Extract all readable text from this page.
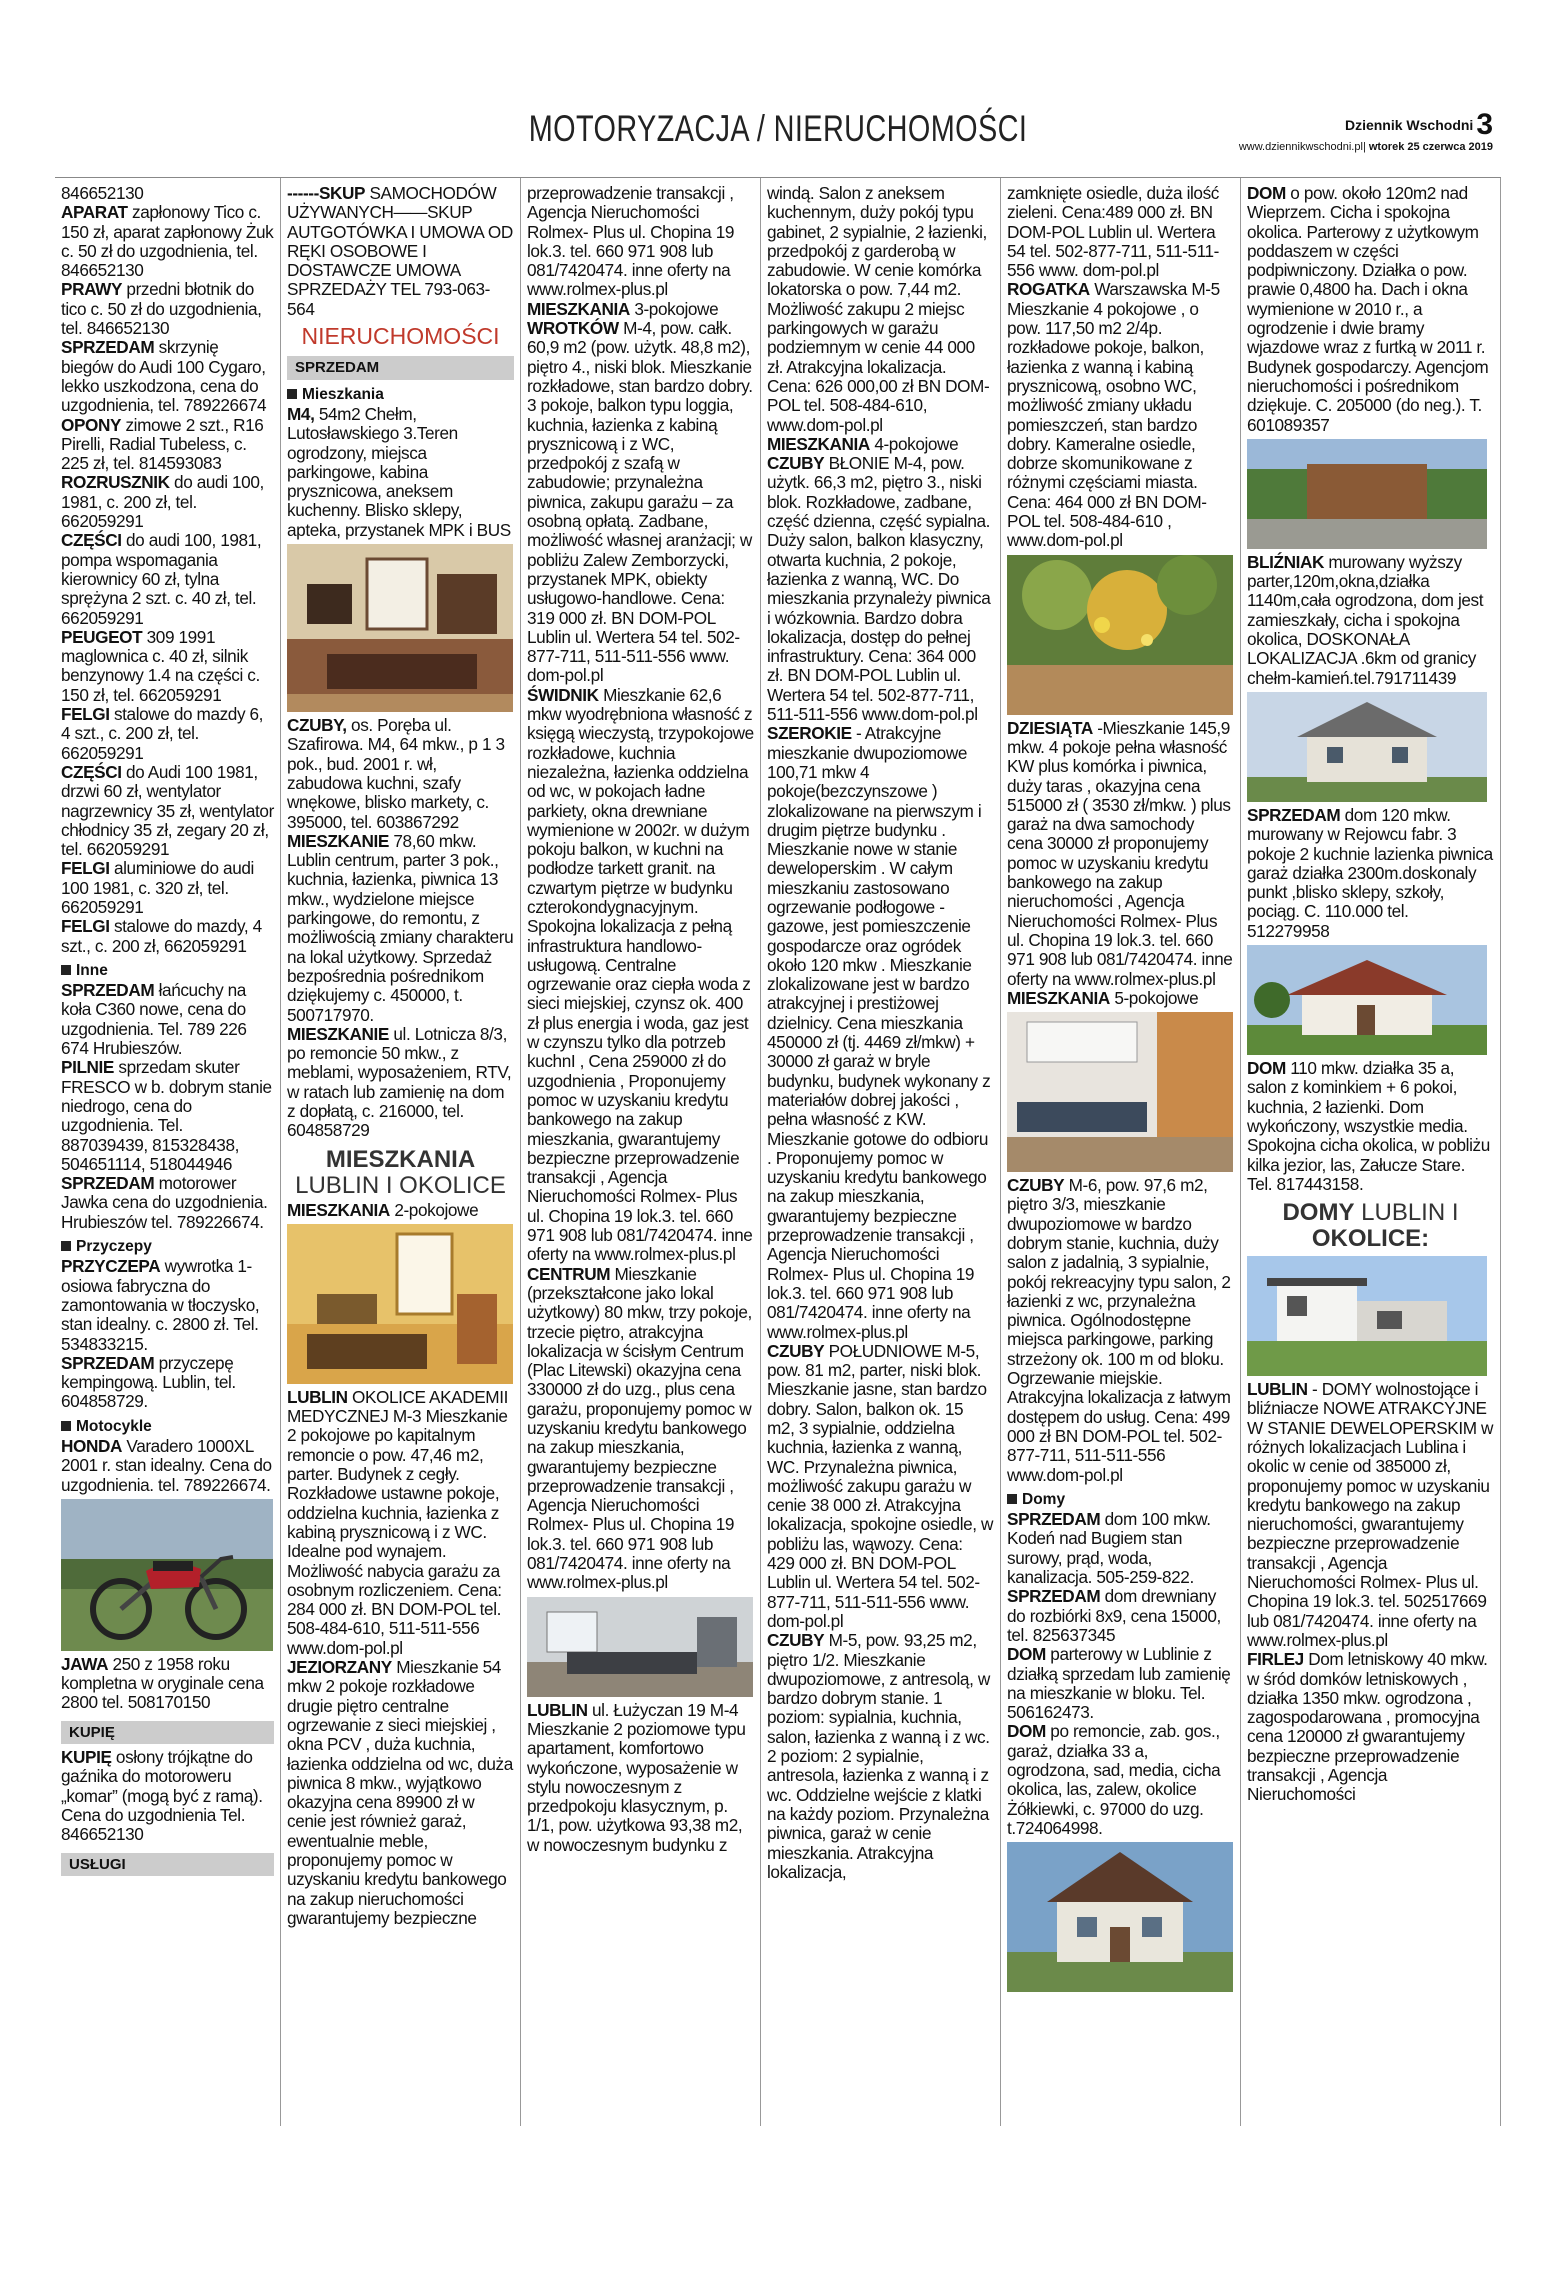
MOTORYZACJA / NIERUCHOMOŚCI	Dziennik Wschodni 3
www.dziennikwschodni.pl| wtorek 25 czerwca 2019

846652130

APARAT zapłonowy Tico c. 150 zł, aparat zapłonowy Żuk c. 50 zł do uzgodnienia, tel. 846652130

PRAWY przedni błotnik do tico c. 50 zł do uzgodnienia, tel. 846652130

SPRZEDAM skrzynię biegów do Audi 100 Cygaro, lekko uszkodzona, cena do uzgodnienia, tel. 789226674

OPONY zimowe 2 szt., R16 Pirelli, Radial Tubeless, c. 225 zł, tel. 814593083

ROZRUSZNIK do audi 100, 1981, c. 200 zł, tel. 662059291

CZĘŚCI do audi 100, 1981, pompa wspomagania kierownicy 60 zł, tylna sprężyna 2 szt. c. 40 zł, tel. 662059291

PEUGEOT 309 1991 maglownica c. 40 zł, silnik benzynowy 1.4 na części c. 150 zł, tel. 662059291

FELGI stalowe do mazdy 6, 4 szt., c. 200 zł, tel. 662059291

CZĘŚCI do Audi 100 1981, drzwi 60 zł, wentylator nagrzewnicy 35 zł, wentylator chłodnicy 35 zł, zegary 20 zł, tel. 662059291

FELGI aluminiowe do audi 100 1981, c. 320 zł, tel. 662059291

FELGI stalowe do mazdy, 4 szt., c. 200 zł, 662059291

Inne

SPRZEDAM łańcuchy na koła C360 nowe, cena do uzgodnienia. Tel. 789 226 674 Hrubieszów.

PILNIE sprzedam skuter FRESCO w b. dobrym stanie niedrogo, cena do uzgodnienia. Tel. 887039439, 815328438, 504651114, 518044946

SPRZEDAM motorower Jawka cena do uzgodnienia. Hrubieszów tel. 789226674.

Przyczepy

PRZYCZEPA wywrotka 1-osiowa fabryczna do zamontowania w tłoczysko, stan idealny. c. 2800 zł. Tel. 534833215.

SPRZEDAM przyczepę kempingową. Lublin, tel. 604858729.

Motocykle

HONDA Varadero 1000XL 2001 r. stan idealny. Cena do uzgodnienia. tel. 789226674.

JAWA 250 z 1958 roku kompletna w oryginale cena 2800 tel. 508170150

KUPIĘ

KUPIĘ osłony trójkątne do gaźnika do motoroweru „komar” (mogą być z ramą). Cena do uzgodnienia Tel. 846652130

USŁUGI

------SKUP SAMOCHODÓW UŻYWANYCH——SKUP AUTGOTÓWKA I UMOWA OD RĘKI OSOBOWE I DOSTAWCZE UMOWA SPRZEDAŻY TEL 793-063-564

NIERUCHOMOŚCI
SPRZEDAM
Mieszkania

M4, 54m2 Chełm, Lutosławskiego 3.Teren ogrodzony, miejsca parkingowe, kabina prysznicowa, aneksem kuchenny. Blisko sklepy, apteka, przystanek MPK i BUS

CZUBY, os. Poręba ul. Szafirowa. M4, 64 mkw., p 1 3 pok., bud. 2001 r. wł, zabudowa kuchni, szafy wnękowe, blisko markety, c. 395000, tel. 603867292

MIESZKANIE 78,60 mkw. Lublin centrum, parter 3 pok., kuchnia, łazienka, piwnica 13 mkw., wydzielone miejsce parkingowe, do remontu, z możliwością zmiany charakteru na lokal użytkowy. Sprzedaż bezpośrednia pośrednikom dziękujemy c. 450000, t. 500717970.

MIESZKANIE ul. Lotnicza 8/3, po remoncie 50 mkw., z meblami, wyposażeniem, RTV, w ratach lub zamienię na dom z dopłatą, c. 216000, tel. 604858729

MIESZKANIA
LUBLIN I OKOLICE

MIESZKANIA 2-pokojowe

LUBLIN OKOLICE AKADEMII MEDYCZNEJ M-3 Mieszkanie 2 pokojowe po kapitalnym remoncie o pow. 47,46 m2, parter. Budynek z cegły. Rozkładowe ustawne pokoje, oddzielna kuchnia, łazienka z kabiną prysznicową i z WC. Idealne pod wynajem. Możliwość nabycia garażu za osobnym rozliczeniem. Cena: 284 000 zł. BN DOM-POL tel. 508-484-610, 511-511-556 www.dom-pol.pl

JEZIORZANY Mieszkanie 54 mkw 2 pokoje rozkładowe drugie piętro centralne ogrzewanie z sieci miejskiej , okna PCV , duża kuchnia, łazienka oddzielna od wc, duża piwnica 8 mkw., wyjątkowo okazyjna cena 89900 zł w cenie jest również garaż, ewentualnie meble, proponujemy pomoc w uzyskaniu kredytu bankowego na zakup nieruchomości gwarantujemy bezpieczne

przeprowadzenie transakcji , Agencja Nieruchomości Rolmex- Plus ul. Chopina 19 lok.3. tel. 660 971 908 lub 081/7420474. inne oferty na www.rolmex-plus.pl

MIESZKANIA 3-pokojowe

WROTKÓW M-4, pow. całk. 60,9 m2 (pow. użytk. 48,8 m2), piętro 4., niski blok. Mieszkanie rozkładowe, stan bardzo dobry. 3 pokoje, balkon typu loggia, kuchnia, łazienka z kabiną prysznicową i z WC, przedpokój z szafą w zabudowie; przynależna piwnica, zakupu garażu – za osobną opłatą. Zadbane, możliwość własnej aranżacji; w pobliżu Zalew Zemborzycki, przystanek MPK, obiekty usługowo-handlowe. Cena: 319 000 zł. BN DOM-POL Lublin ul. Wertera 54 tel. 502-877-711, 511-511-556 www. dom-pol.pl

ŚWIDNIK Mieszkanie 62,6 mkw wyodrębniona własność z księgą wieczystą, trzypokojowe rozkładowe, kuchnia niezależna, łazienka oddzielna od wc, w pokojach ładne parkiety, okna drewniane wymienione w 2002r. w dużym pokoju balkon, w kuchni na podłodze tarkett granit. na czwartym piętrze w budynku czterokondygnacyjnym. Spokojna lokalizacja z pełną infrastruktura handlowo-usługową. Centralne ogrzewanie oraz ciepła woda z sieci miejskiej, czynsz ok. 400 zł plus energia i woda, gaz jest w czynszu tylko dla potrzeb kuchnI , Cena 259000 zł do uzgodnienia , Proponujemy pomoc w uzyskaniu kredytu bankowego na zakup mieszkania, gwarantujemy bezpieczne przeprowadzenie transakcji , Agencja Nieruchomości Rolmex- Plus ul. Chopina 19 lok.3. tel. 660 971 908 lub 081/7420474. inne oferty na www.rolmex-plus.pl

CENTRUM Mieszkanie (przekształcone jako lokal użytkowy) 80 mkw, trzy pokoje, trzecie piętro, atrakcyjna lokalizacja w ścisłym Centrum (Plac Litewski) okazyjna cena 330000 zł do uzg., plus cena garażu, proponujemy pomoc w uzyskaniu kredytu bankowego na zakup mieszkania, gwarantujemy bezpieczne przeprowadzenie transakcji , Agencja Nieruchomości Rolmex- Plus ul. Chopina 19 lok.3. tel. 660 971 908 lub 081/7420474. inne oferty na www.rolmex-plus.pl

LUBLIN ul. Łużyczan 19 M-4 Mieszkanie 2 poziomowe typu apartament, komfortowo wykończone, wyposażenie w stylu nowoczesnym z przedpokoju klasycznym, p. 1/1, pow. użytkowa 93,38 m2, w nowoczesnym budynku z

windą. Salon z aneksem kuchennym, duży pokój typu gabinet, 2 sypialnie, 2 łazienki, przedpokój z garderobą w zabudowie. W cenie komórka lokatorska o pow. 7,44 m2. Możliwość zakupu 2 miejsc parkingowych w garażu podziemnym w cenie 44 000 zł. Atrakcyjna lokalizacja. Cena: 626 000,00 zł BN DOM-POL tel. 508-484-610, www.dom-pol.pl

MIESZKANIA 4-pokojowe

CZUBY BŁONIE M-4, pow. użytk. 66,3 m2, piętro 3., niski blok. Rozkładowe, zadbane, część dzienna, część sypialna. Duży salon, balkon klasyczny, otwarta kuchnia, 2 pokoje, łazienka z wanną, WC. Do mieszkania przynależy piwnica i wózkownia. Bardzo dobra lokalizacja, dostęp do pełnej infrastruktury. Cena: 364 000 zł. BN DOM-POL Lublin ul. Wertera 54 tel. 502-877-711, 511-511-556 www.dom-pol.pl

SZEROKIE - Atrakcyjne mieszkanie dwupoziomowe 100,71 mkw 4 pokoje(bezczynszowe ) zlokalizowane na pierwszym i drugim piętrze budynku . Mieszkanie nowe w stanie deweloperskim . W całym mieszkaniu zastosowano ogrzewanie podłogowe - gazowe, jest pomieszczenie gospodarcze oraz ogródek około 120 mkw . Mieszkanie zlokalizowane jest w bardzo atrakcyjnej i prestiżowej dzielnicy. Cena mieszkania 450000 zł (tj. 4469 zł/mkw) + 30000 zł garaż w bryle budynku, budynek wykonany z materiałów dobrej jakości , pełna własność z KW. Mieszkanie gotowe do odbioru . Proponujemy pomoc w uzyskaniu kredytu bankowego na zakup mieszkania, gwarantujemy bezpieczne przeprowadzenie transakcji , Agencja Nieruchomości Rolmex- Plus ul. Chopina 19 lok.3. tel. 660 971 908 lub 081/7420474. inne oferty na www.rolmex-plus.pl

CZUBY POŁUDNIOWE M-5, pow. 81 m2, parter, niski blok. Mieszkanie jasne, stan bardzo dobry. Salon, balkon ok. 15 m2, 3 sypialnie, oddzielna kuchnia, łazienka z wanną, WC. Przynależna piwnica, możliwość zakupu garażu w cenie 38 000 zł. Atrakcyjna lokalizacja, spokojne osiedle, w pobliżu las, wąwozy. Cena: 429 000 zł. BN DOM-POL Lublin ul. Wertera 54 tel. 502-877-711, 511-511-556 www. dom-pol.pl

CZUBY M-5, pow. 93,25 m2, piętro 1/2. Mieszkanie dwupoziomowe, z antresolą, w bardzo dobrym stanie. 1 poziom: sypialnia, kuchnia, salon, łazienka z wanną i z wc. 2 poziom: 2 sypialnie, antresola, łazienka z wanną i z wc. Oddzielne wejście z klatki na każdy poziom. Przynależna piwnica, garaż w cenie mieszkania. Atrakcyjna lokalizacja,

zamknięte osiedle, duża ilość zieleni. Cena:489 000 zł. BN DOM-POL Lublin ul. Wertera 54 tel. 502-877-711, 511-511-556 www. dom-pol.pl

ROGATKA Warszawska M-5 Mieszkanie 4 pokojowe , o pow. 117,50 m2 2/4p. rozkładowe pokoje, balkon, łazienka z wanną i kabiną prysznicową, osobno WC, możliwość zmiany układu pomieszczeń, stan bardzo dobry. Kameralne osiedle, dobrze skomunikowane z różnymi częściami miasta. Cena: 464 000 zł BN DOM-POL tel. 508-484-610 , www.dom-pol.pl

DZIESIĄTA -Mieszkanie 145,9 mkw. 4 pokoje pełna własność KW plus komórka i piwnica, duży taras , okazyjna cena 515000 zł ( 3530 zł/mkw. ) plus garaż na dwa samochody cena 30000 zł proponujemy pomoc w uzyskaniu kredytu bankowego na zakup nieruchomości , Agencja Nieruchomości Rolmex- Plus ul. Chopina 19 lok.3. tel. 660 971 908 lub 081/7420474. inne oferty na www.rolmex-plus.pl

MIESZKANIA 5-pokojowe

CZUBY M-6, pow. 97,6 m2, piętro 3/3, mieszkanie dwupoziomowe w bardzo dobrym stanie, kuchnia, duży salon z jadalnią, 3 sypialnie, pokój rekreacyjny typu salon, 2 łazienki z wc, przynależna piwnica. Ogólnodostępne miejsca parkingowe, parking strzeżony ok. 100 m od bloku. Ogrzewanie miejskie. Atrakcyjna lokalizacja z łatwym dostępem do usług. Cena: 499 000 zł BN DOM-POL tel. 502-877-711, 511-511-556 www.dom-pol.pl

Domy

SPRZEDAM dom 100 mkw. Kodeń nad Bugiem stan surowy, prąd, woda, kanalizacja. 505-259-822.

SPRZEDAM dom drewniany do rozbiórki 8x9, cena 15000, tel. 825637345

DOM parterowy w Lublinie z działką sprzedam lub zamienię na mieszkanie w bloku. Tel. 506162473.

DOM po remoncie, zab. gos., garaż, działka 33 a, ogrodzona, sad, media, cicha okolica, las, zalew, okolice Żółkiewki, c. 97000 do uzg. t.724064998.

DOM o pow. około 120m2 nad Wieprzem. Cicha i spokojna okolica. Parterowy z użytkowym poddaszem w części podpiwniczony. Działka o pow. prawie 0,4800 ha. Dach i okna wymienione w 2010 r., a ogrodzenie i dwie bramy wjazdowe wraz z furtką w 2011 r. Budynek gospodarczy. Agencjom nieruchomości i pośrednikom dziękuje. C. 205000 (do neg.). T. 601089357

BLIŹNIAK murowany wyższy parter,120m,okna,działka 1140m,cała ogrodzona, dom jest zamieszkały, cicha i spokojna okolica, DOSKONAŁA LOKALIZACJA .6km od granicy chełm-kamień.tel.791711439

SPRZEDAM dom 120 mkw. murowany w Rejowcu fabr. 3 pokoje 2 kuchnie lazienka piwnica garaż działka 2300m.doskonaly punkt ,blisko sklepy, szkoły, pociąg. C. 110.000 tel. 512279958

DOM 110 mkw. działka 35 a, salon z kominkiem + 6 pokoi, kuchnia, 2 łazienki. Dom wykończony, wszystkie media. Spokojna cicha okolica, w pobliżu kilka jezior, las, Załucze Stare. Tel. 817443158.

DOMY LUBLIN I
OKOLICE:

LUBLIN - DOMY wolnostojące i bliźniacze NOWE ATRAKCYJNE W STANIE DEWELOPERSKIM w różnych lokalizacjach Lublina i okolic w cenie od 385000 zł, proponujemy pomoc w uzyskaniu kredytu bankowego na zakup nieruchomości, gwarantujemy bezpieczne przeprowadzenie transakcji , Agencja Nieruchomości Rolmex- Plus ul. Chopina 19 lok.3. tel. 502517669 lub 081/7420474. inne oferty na www.rolmex-plus.pl

FIRLEJ Dom letniskowy 40 mkw. w śród domków letniskowych , działka 1350 mkw. ogrodzona , zagospodarowana , promocyjna cena 120000 zł gwarantujemy bezpieczne przeprowadzenie transakcji , Agencja Nieruchomości
